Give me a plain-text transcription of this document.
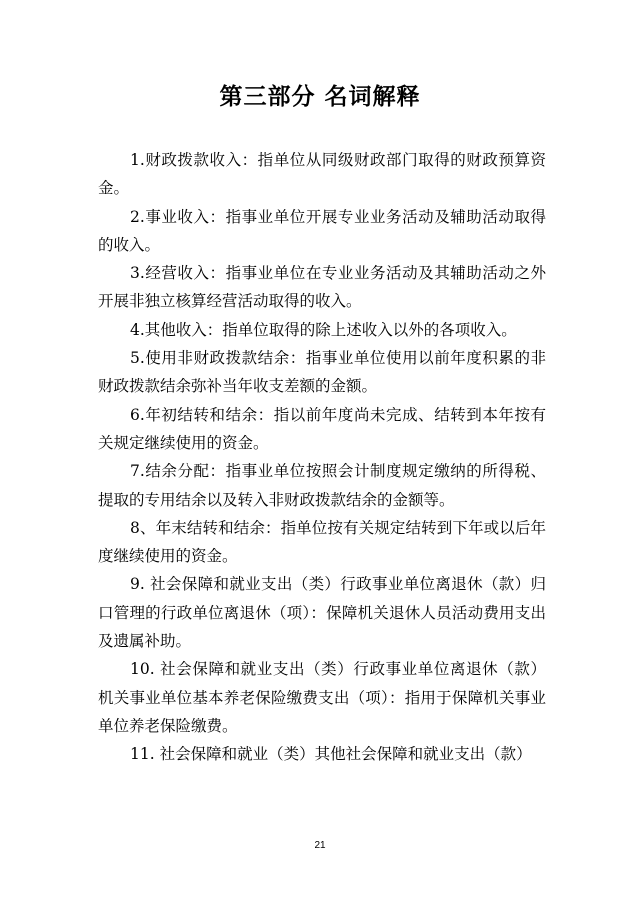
第三部分 名词解释

1.财政拨款收入：指单位从同级财政部门取得的财政预算资金。

2.事业收入：指事业单位开展专业业务活动及辅助活动取得的收入。

3.经营收入：指事业单位在专业业务活动及其辅助活动之外开展非独立核算经营活动取得的收入。

4.其他收入：指单位取得的除上述收入以外的各项收入。

5.使用非财政拨款结余：指事业单位使用以前年度积累的非财政拨款结余弥补当年收支差额的金额。

6.年初结转和结余：指以前年度尚未完成、结转到本年按有关规定继续使用的资金。

7.结余分配：指事业单位按照会计制度规定缴纳的所得税、提取的专用结余以及转入非财政拨款结余的金额等。

8、年末结转和结余：指单位按有关规定结转到下年或以后年度继续使用的资金。

9. 社会保障和就业支出（类）行政事业单位离退休（款）归口管理的行政单位离退休（项）：保障机关退休人员活动费用支出及遗属补助。

10. 社会保障和就业支出（类）行政事业单位离退休（款）机关事业单位基本养老保险缴费支出（项）：指用于保障机关事业单位养老保险缴费。

11. 社会保障和就业（类）其他社会保障和就业支出（款）

21
